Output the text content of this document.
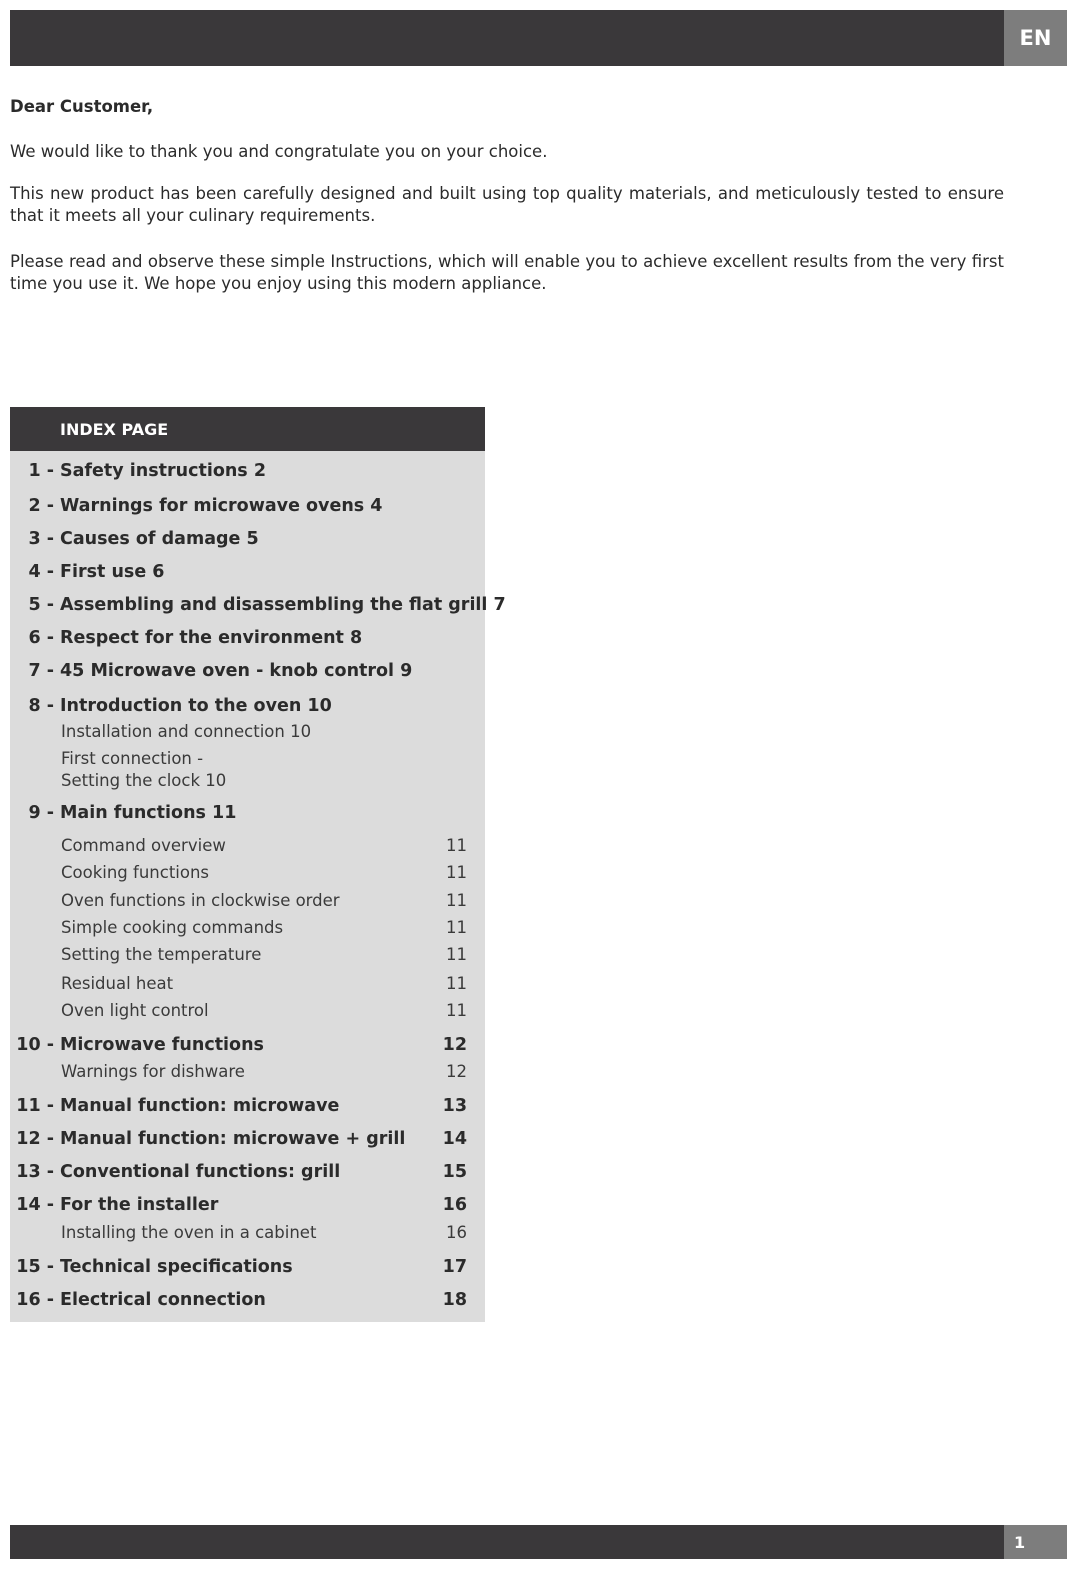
EN

Dear Customer,

We would like to thank you and congratulate you on your choice.

This new product has been carefully designed and built using top quality materials, and meticulously tested to ensure that it meets all your culinary requirements.

Please read and observe these simple Instructions, which will enable you to achieve excellent results from the very first time you use it. We hope you enjoy using this modern appliance.

INDEX PAGE
1 - Safety instructions 2
2 - Warnings for microwave ovens 4
3 - Causes of damage 5
4 - First use 6
5 - Assembling and disassembling the flat grill 7
6 - Respect for the environment 8
7 - 45 Microwave oven - knob control 9
8 - Introduction to the oven 10
Installation and connection 10
First connection -
Setting the clock 10
9 - Main functions 11
Command overview	11
Cooking functions	11
Oven functions in clockwise order	11
Simple cooking commands	11
Setting the temperature	11
Residual heat	11
Oven light control	11
10 - Microwave functions	12
Warnings for dishware	12
11 - Manual function: microwave	13
12 - Manual function: microwave + grill 14
13 - Conventional functions: grill	15
14 - For the installer	16
Installing the oven in a cabinet	16
15 - Technical specifications	17
16 - Electrical connection	18
1
